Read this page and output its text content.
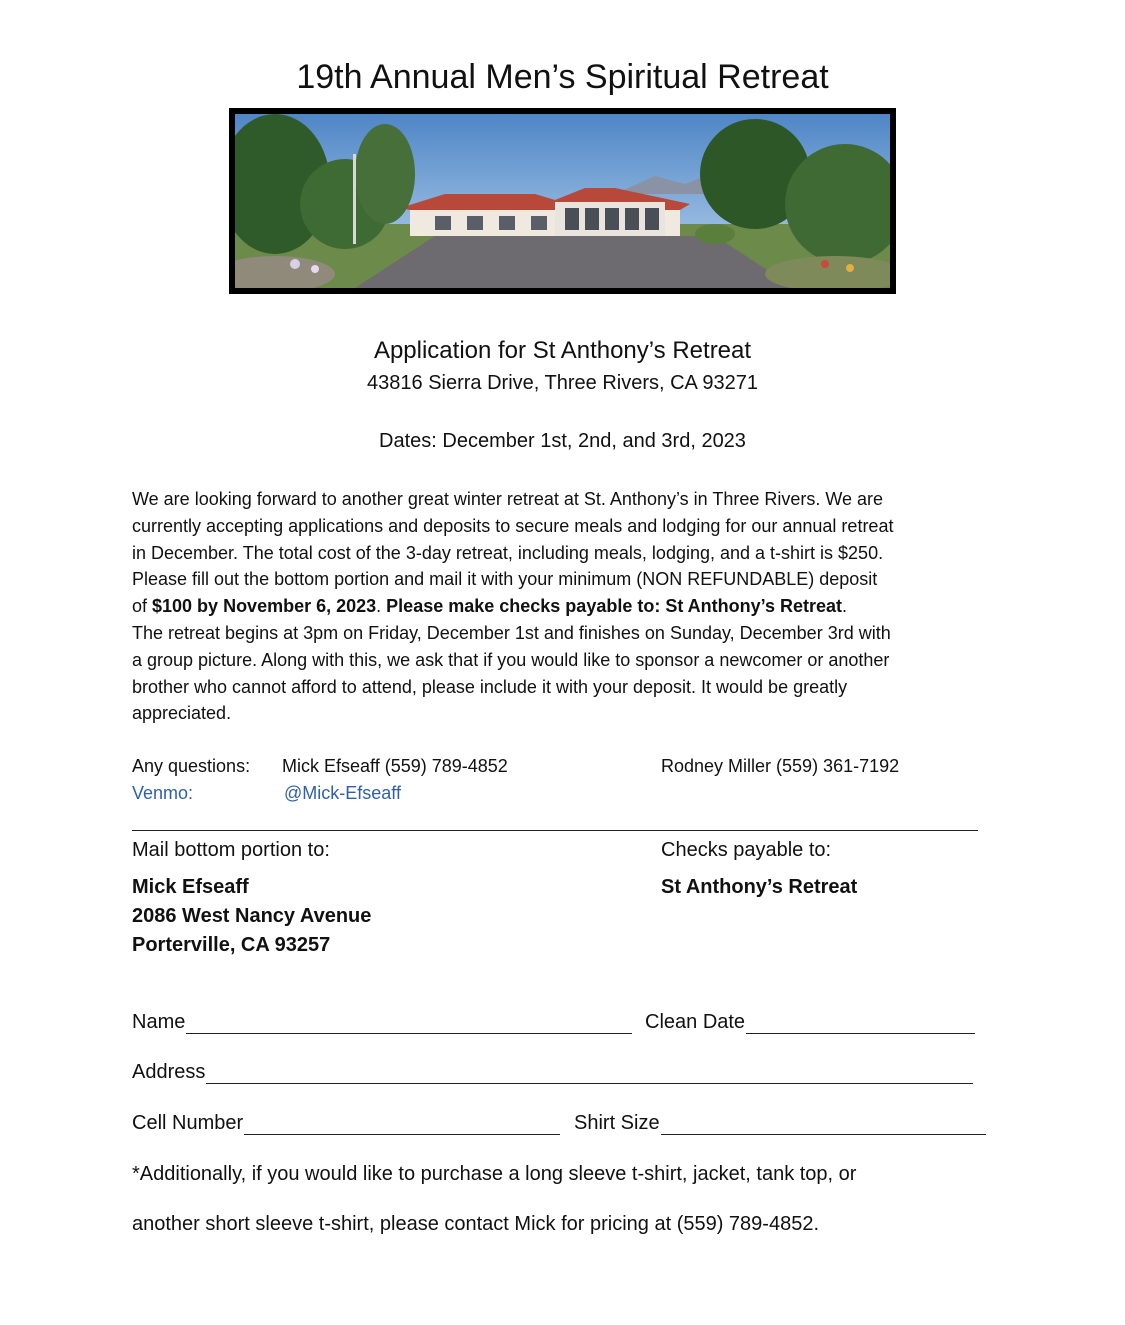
19th Annual Men’s Spiritual Retreat
Application for St Anthony’s Retreat
43816 Sierra Drive, Three Rivers, CA 93271
Dates: December 1st, 2nd, and 3rd, 2023

We are looking forward to another great winter retreat at St. Anthony’s in Three Rivers. We are

currently accepting applications and deposits to secure meals and lodging for our annual retreat

in December. The total cost of the 3-day retreat, including meals, lodging, and a t-shirt is $250.

Please fill out the bottom portion and mail it with your minimum (NON REFUNDABLE) deposit

of $100 by November 6, 2023. Please make checks payable to: St Anthony’s Retreat.

The retreat begins at 3pm on Friday, December 1st and finishes on Sunday, December 3rd with

a group picture. Along with this, we ask that if you would like to sponsor a newcomer or another

brother who cannot afford to attend, please include it with your deposit. It would be greatly

appreciated.

Any questions: Mick Efseaff (559) 789-4852	Rodney Miller (559) 361-7192
Venmo:	@Mick-Efseaff
Mail bottom portion to:	Checks payable to:
Mick Efseaff	St Anthony’s Retreat
2086 West Nancy Avenue
Porterville, CA 93257
Name	Clean Date
Address
Cell Number	Shirt Size
*Additionally, if you would like to purchase a long sleeve t-shirt, jacket, tank top, or
another short sleeve t-shirt, please contact Mick for pricing at (559) 789-4852.
